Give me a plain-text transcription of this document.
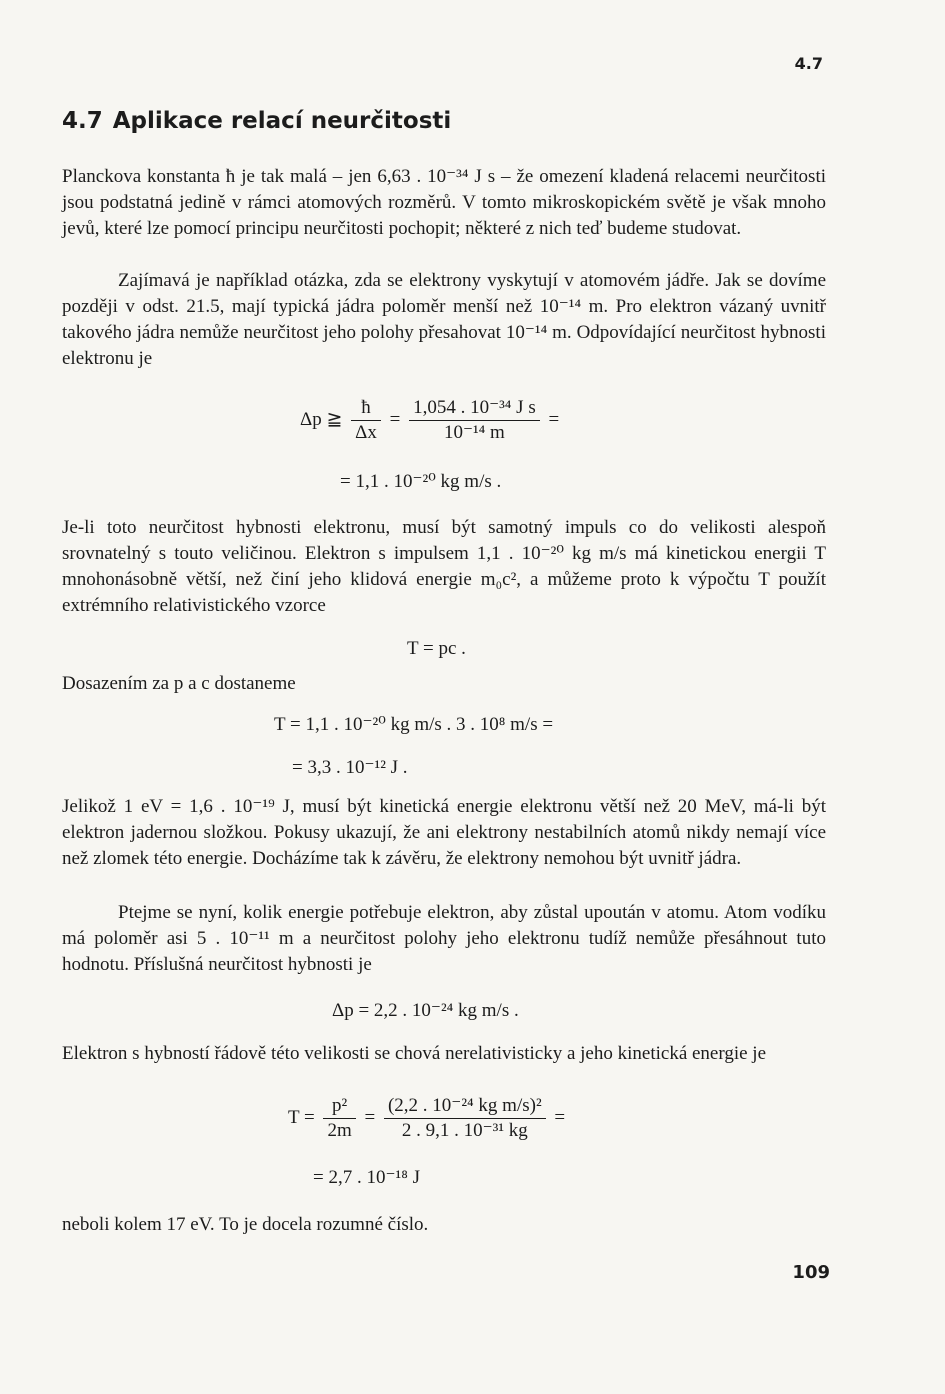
4.7
4.7 Aplikace relací neurčitosti
Planckova konstanta ħ je tak malá – jen 6,63 . 10⁻³⁴ J s – že omezení kladená relacemi neurčitosti jsou podstatná jedině v rámci atomových rozměrů. V tomto mikroskopickém světě je však mnoho jevů, které lze pomocí principu neurčitosti pochopit; některé z nich teď budeme studovat.
Zajímavá je například otázka, zda se elektrony vyskytují v atomovém jádře. Jak se dovíme později v odst. 21.5, mají typická jádra poloměr menší než 10⁻¹⁴ m. Pro elektron vázaný uvnitř takového jádra nemůže neurčitost jeho polohy přesahovat 10⁻¹⁴ m. Odpovídající neurčitost hybnosti elektronu je
Δp ≧ $\frac{ħ}{\Delta x} = \frac{\text{1,054 . 10⁻³⁴ J s}}{\text{10⁻¹⁴ m}}$ =
= 1,1 . 10⁻²⁰ kg m/s .
Je-li toto neurčitost hybnosti elektronu, musí být samotný impuls co do velikosti alespoň srovnatelný s touto veličinou. Elektron s impulsem 1,1 . 10⁻²⁰ kg m/s má kinetickou energii T mnohonásobně větší, než činí jeho klidová energie m₀c², a můžeme proto k výpočtu T použít extrémního relativistického vzorce
T = pc .
Dosazením za p a c dostaneme
T = 1,1 . 10⁻²⁰ kg m/s . 3 . 10⁸ m/s =
= 3,3 . 10⁻¹² J .
Jelikož 1 eV = 1,6 . 10⁻¹⁹ J, musí být kinetická energie elektronu větší než 20 MeV, má-li být elektron jadernou složkou. Pokusy ukazují, že ani elektrony nestabilních atomů nikdy nemají více než zlomek této energie. Docházíme tak k závěru, že elektrony nemohou být uvnitř jádra.
Ptejme se nyní, kolik energie potřebuje elektron, aby zůstal upoután v atomu. Atom vodíku má poloměr asi 5 . 10⁻¹¹ m a neurčitost polohy jeho elektronu tudíž nemůže přesáhnout tuto hodnotu. Příslušná neurčitost hybnosti je
Δp = 2,2 . 10⁻²⁴ kg m/s .
Elektron s hybností řádově této velikosti se chová nerelativisticky a jeho kinetická energie je
$T = \frac{\text{p²}}{2m} = \frac{\text{(2,2 . 10⁻²⁴ kg m/s)²}}{\text{2 . 9,1 . 10⁻³¹ kg}}$ =
= 2,7 . 10⁻¹⁸ J
neboli kolem 17 eV. To je docela rozumné číslo.
109
